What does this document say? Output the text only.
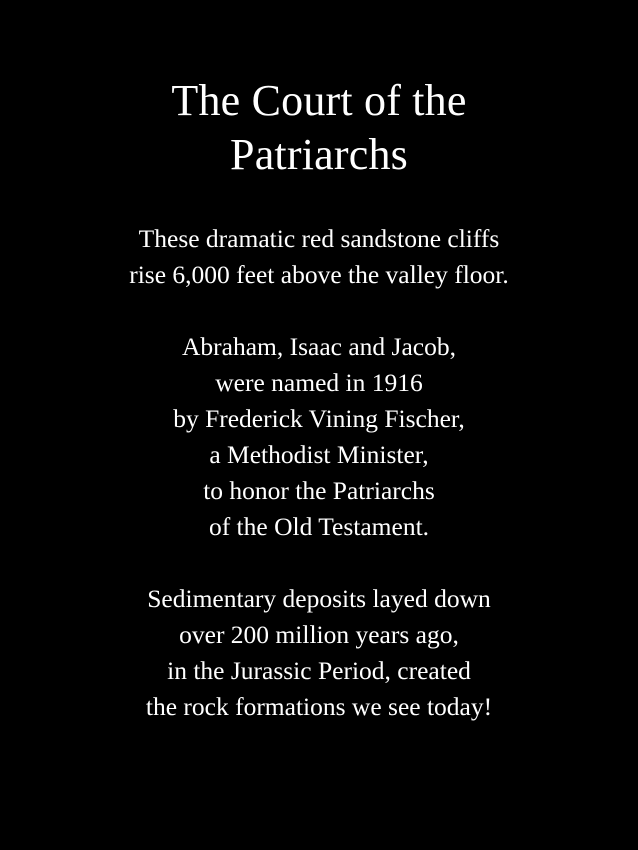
The Court of the
Patriarchs
These dramatic red sandstone cliffs
rise 6,000 feet above the valley floor.
Abraham, Isaac and Jacob,
were named in 1916
by Frederick Vining Fischer,
a Methodist Minister,
to honor the Patriarchs
of the Old Testament.
Sedimentary deposits layed down
over 200 million years ago,
in the Jurassic Period, created
the rock formations we see today!
